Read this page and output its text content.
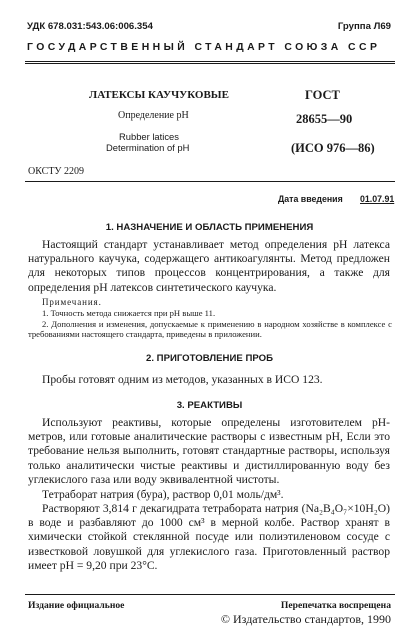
УДК 678.031:543.06:006.354	Группа Л69
ГОСУДАРСТВЕННЫЙ СТАНДАРТ СОЮЗА ССР
ЛАТЕКСЫ КАУЧУКОВЫЕ
Определение pH
Rubber latices
Determination of pH
ГОСТ
28655—90
(ИСО 976—86)
ОКСТУ 2209
Дата введения 01.07.91
1. НАЗНАЧЕНИЕ И ОБЛАСТЬ ПРИМЕНЕНИЯ
Настоящий стандарт устанавливает метод определения pH латекса натурального каучука, содержащего антикоагулянты. Метод предложен для некоторых типов процессов концентрирования, а также для определения pH латексов синтетического каучука.
Примечания.
1. Точность метода снижается при pH выше 11.
2. Дополнения и изменения, допускаемые к применению в народном хозяйстве в комплексе с требованиями настоящего стандарта, приведены в приложении.
2. ПРИГОТОВЛЕНИЕ ПРОБ
Пробы готовят одним из методов, указанных в ИСО 123.
3. РЕАКТИВЫ
Используют реактивы, которые определены изготовителем pH-метров, или готовые аналитические растворы с известным pH, Если это требование нельзя выполнить, готовят стандартные растворы, используя только аналитически чистые реактивы и дистиллированную воду без углекислого газа или воду эквивалентной чистоты.
Тетраборат натрия (бура), раствор 0,01 моль/дм³.
Растворяют 3,814 г декагидрата тетрабората натрия (Na₂B₄O₇×10H₂O) в воде и разбавляют до 1000 см³ в мерной колбе. Раствор хранят в химически стойкой стеклянной посуде или полиэтиленовом сосуде с известковой ловушкой для углекислого газа. Приготовленный раствор имеет pH = 9,20 при 23°C.
Издание официальное	Перепечатка воспрещена
© Издательство стандартов, 1990
